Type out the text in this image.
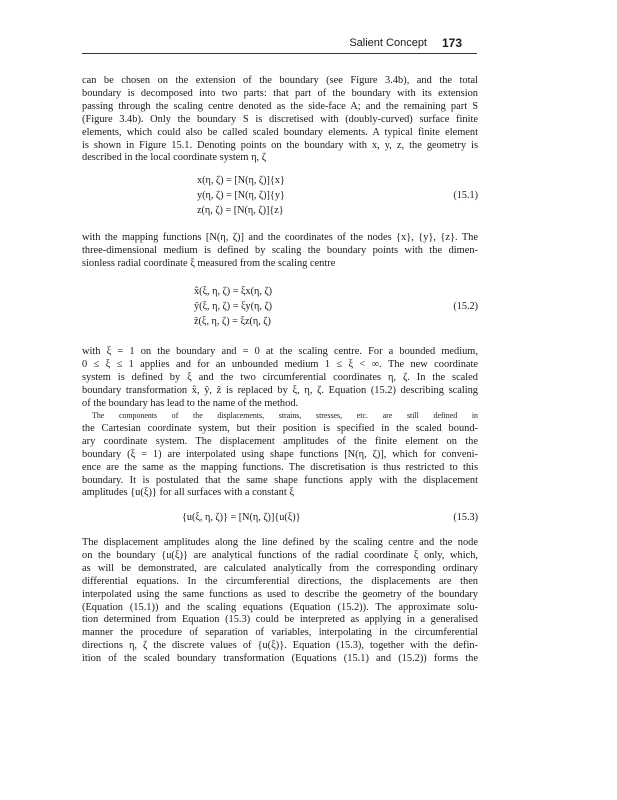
Salient Concept 173
can be chosen on the extension of the boundary (see Figure 3.4b), and the total
boundary is decomposed into two parts: that part of the boundary with its extension
passing through the scaling centre denoted as the side-face A; and the remaining part S
(Figure 3.4b). Only the boundary S is discretised with (doubly-curved) surface finite
elements, which could also be called scaled boundary elements. A typical finite element
is shown in Figure 15.1. Denoting points on the boundary with x, y, z, the geometry is
described in the local coordinate system η, ζ
x(η, ζ) = [N(η, ζ)]{x}
y(η, ζ) = [N(η, ζ)]{y}
z(η, ζ) = [N(η, ζ)]{z}
(15.1)
with the mapping functions [N(η, ζ)] and the coordinates of the nodes {x}, {y}, {z}. The
three-dimensional medium is defined by scaling the boundary points with the dimen-
sionless radial coordinate ξ measured from the scaling centre
x̂(ξ, η, ζ) = ξx(η, ζ)
ŷ(ξ, η, ζ) = ξy(η, ζ)
ẑ(ξ, η, ζ) = ξz(η, ζ)
(15.2)
with ξ = 1 on the boundary and = 0 at the scaling centre. For a bounded medium,
0 ≤ ξ ≤ 1 applies and for an unbounded medium 1 ≤ ξ < ∞. The new coordinate
system is defined by ξ and the two circumferential coordinates η, ζ. In the scaled
boundary transformation x̂, ŷ, ẑ is replaced by ξ, η, ζ. Equation (15.2) describing scaling
of the boundary has lead to the name of the method.
The components of the displacements, strains, stresses, etc. are still defined in
the Cartesian coordinate system, but their position is specified in the scaled bound-
ary coordinate system. The displacement amplitudes of the finite element on the
boundary (ξ = 1) are interpolated using shape functions [N(η, ζ)], which for conveni-
ence are the same as the mapping functions. The discretisation is thus restricted to this
boundary. It is postulated that the same shape functions apply with the displacement
amplitudes {u(ξ)} for all surfaces with a constant ξ
{u(ξ, η, ζ)} = [N(η, ζ)]{u(ξ)}	(15.3)
The displacement amplitudes along the line defined by the scaling centre and the node
on the boundary {u(ξ)} are analytical functions of the radial coordinate ξ only, which,
as will be demonstrated, are calculated analytically from the corresponding ordinary
differential equations. In the circumferential directions, the displacements are then
interpolated using the same functions as used to describe the geometry of the boundary
(Equation (15.1)) and the scaling equations (Equation (15.2)). The approximate solu-
tion determined from Equation (15.3) could be interpreted as applying in a generalised
manner the procedure of separation of variables, interpolating in the circumferential
directions η, ζ the discrete values of {u(ξ)}. Equation (15.3), together with the defin-
ition of the scaled boundary transformation (Equations (15.1) and (15.2)) forms the
